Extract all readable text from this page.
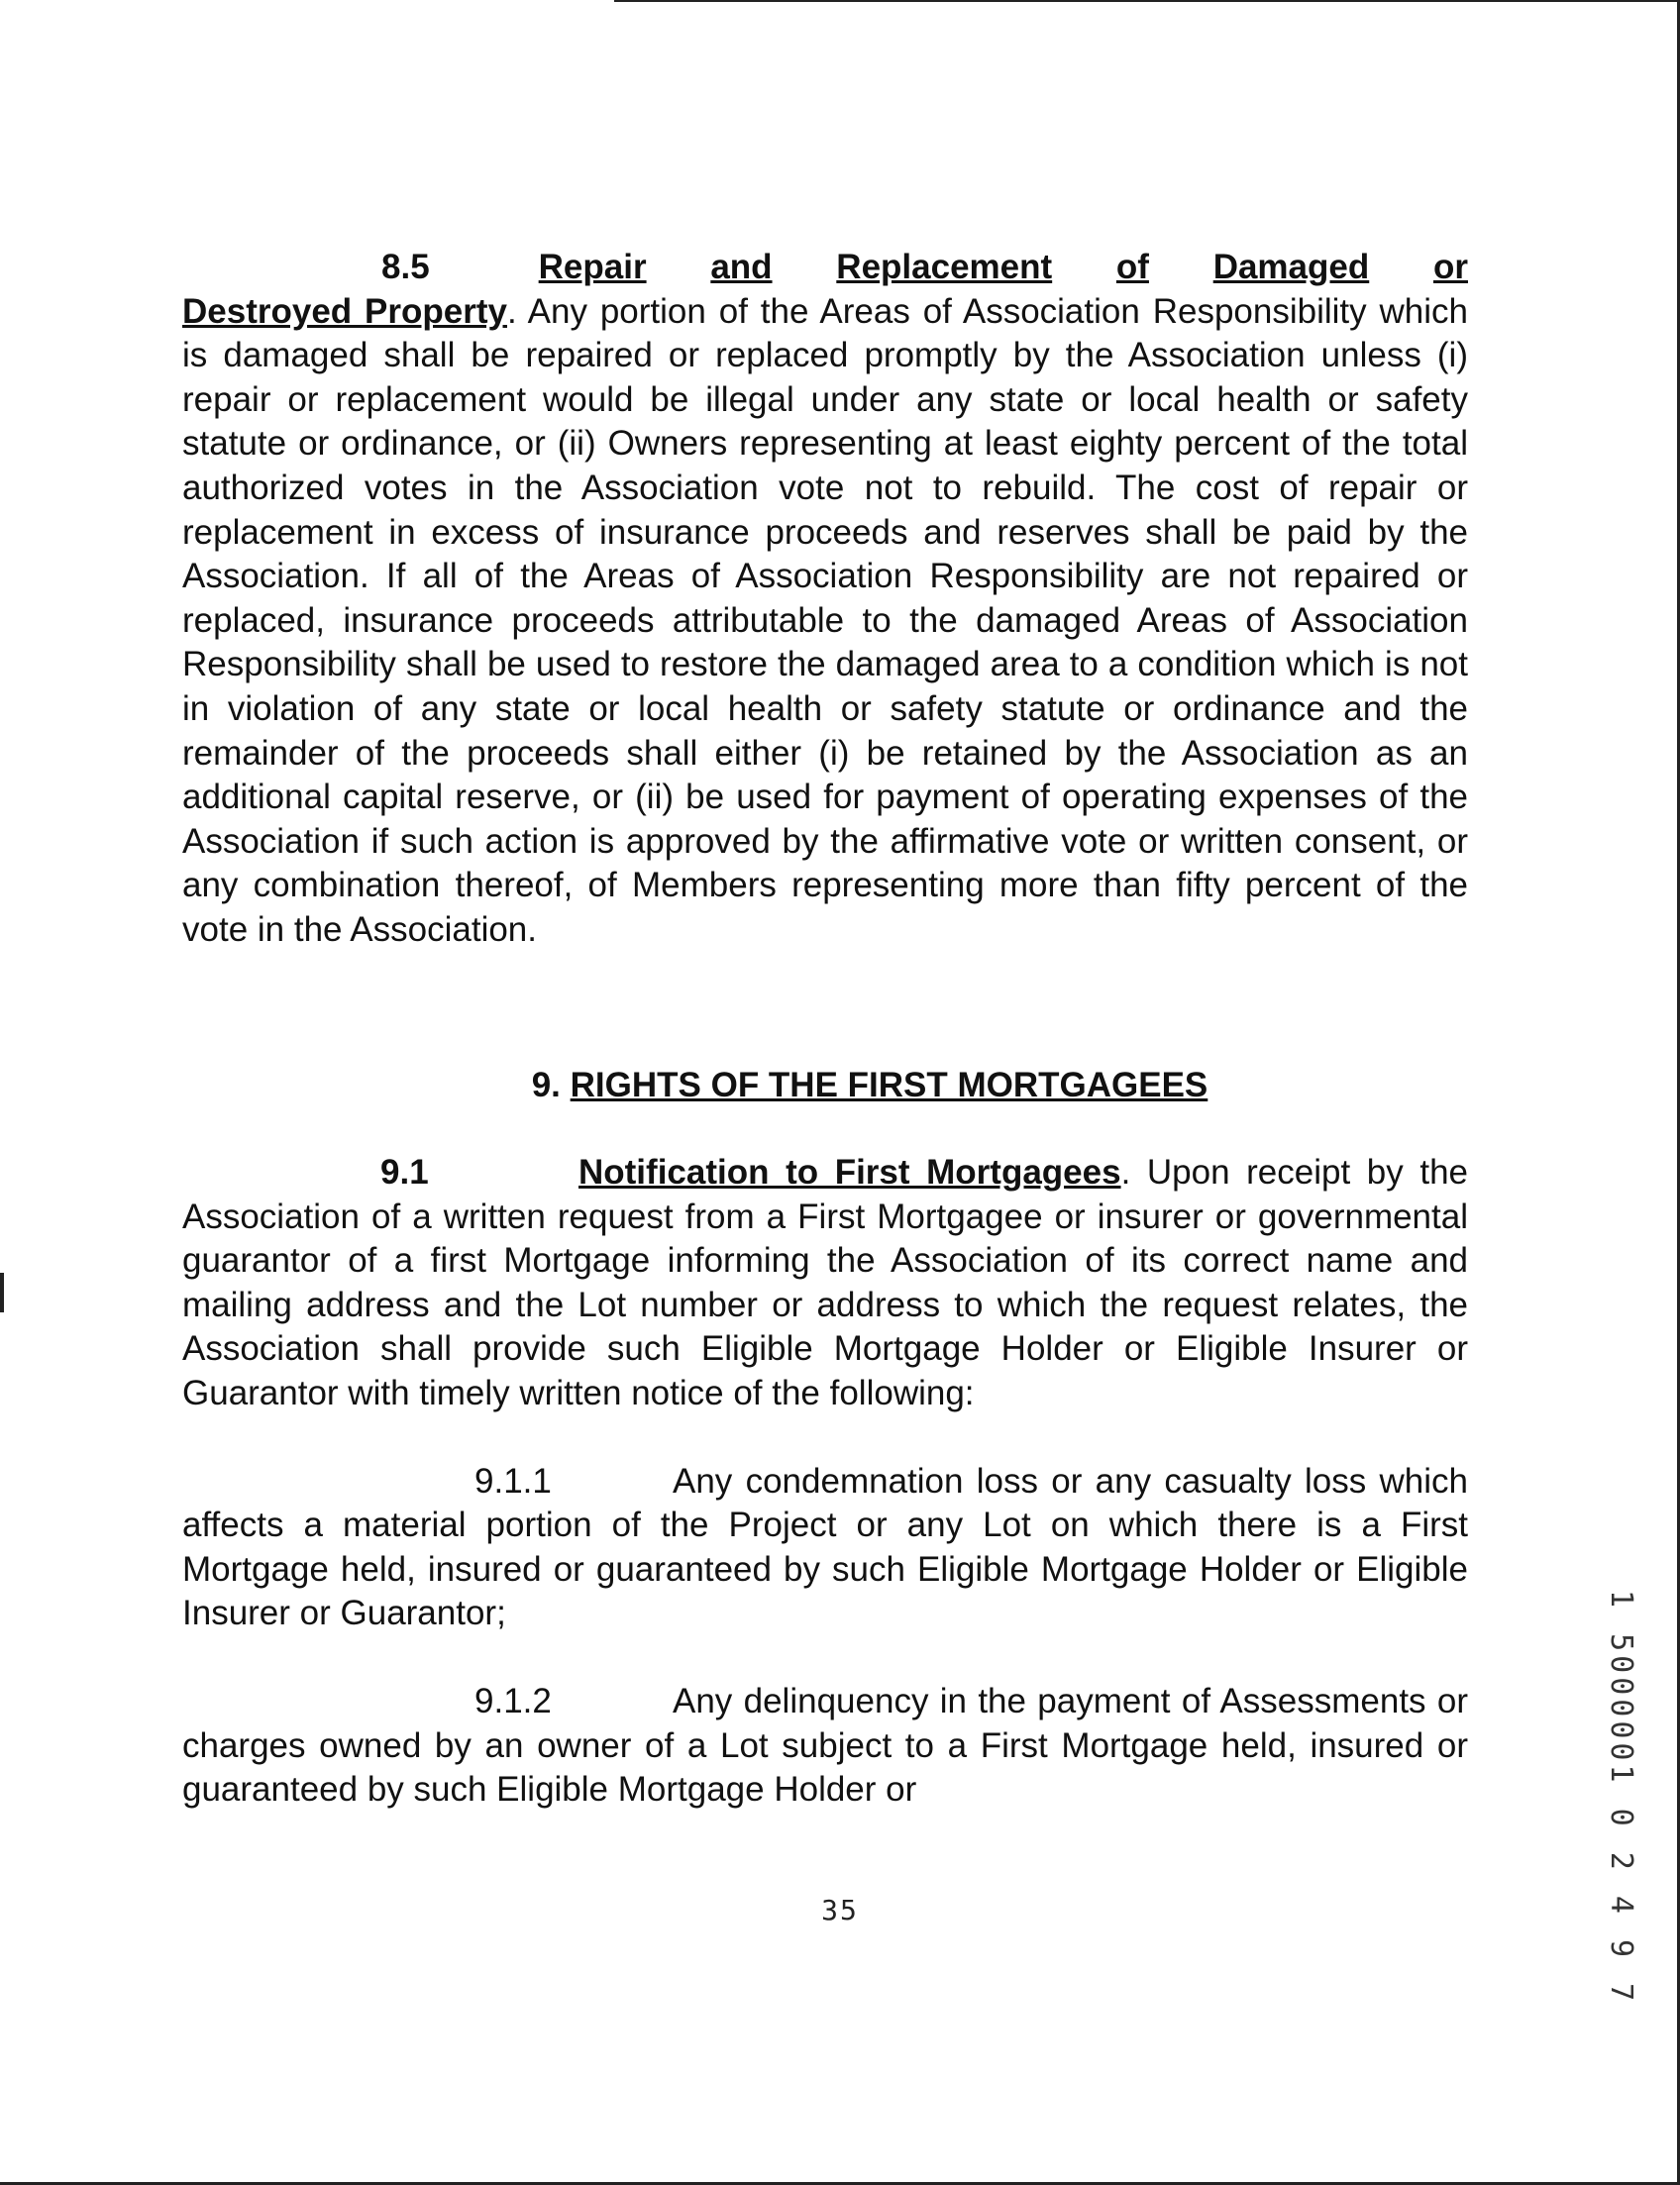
8.5	Repair and Replacement of Damaged or

Destroyed Property. Any portion of the Areas of Association Responsibility which is damaged shall be repaired or replaced promptly by the Association unless (i) repair or replacement would be illegal under any state or local health or safety statute or ordinance, or (ii) Owners representing at least eighty percent of the total authorized votes in the Association vote not to rebuild. The cost of repair or replacement in excess of insurance proceeds and reserves shall be paid by the Association. If all of the Areas of Association Responsibility are not repaired or replaced, insurance proceeds attributable to the damaged Areas of Association Responsibility shall be used to restore the damaged area to a condition which is not in violation of any state or local health or safety statute or ordinance and the remainder of the proceeds shall either (i) be retained by the Association as an additional capital reserve, or (ii) be used for payment of operating expenses of the Association if such action is approved by the affirmative vote or written consent, or any combination thereof, of Members representing more than fifty percent of the vote in the Association.

9. RIGHTS OF THE FIRST MORTGAGEES

9.1	Notification to First Mortgagees. Upon receipt by the Association of a written request from a First Mortgagee or insurer or governmental guarantor of a first Mortgage informing the Association of its correct name and mailing address and the Lot number or address to which the request relates, the Association shall provide such Eligible Mortgage Holder or Eligible Insurer or Guarantor with timely written notice of the following:

9.1.1	Any condemnation loss or any casualty loss which affects a material portion of the Project or any Lot on which there is a First Mortgage held, insured or guaranteed by such Eligible Mortgage Holder or Eligible Insurer or Guarantor;

9.1.2	Any delinquency in the payment of Assessments or charges owned by an owner of a Lot subject to a First Mortgage held, insured or guaranteed by such Eligible Mortgage Holder or

35	1 5000001 0 2 4 9 7
